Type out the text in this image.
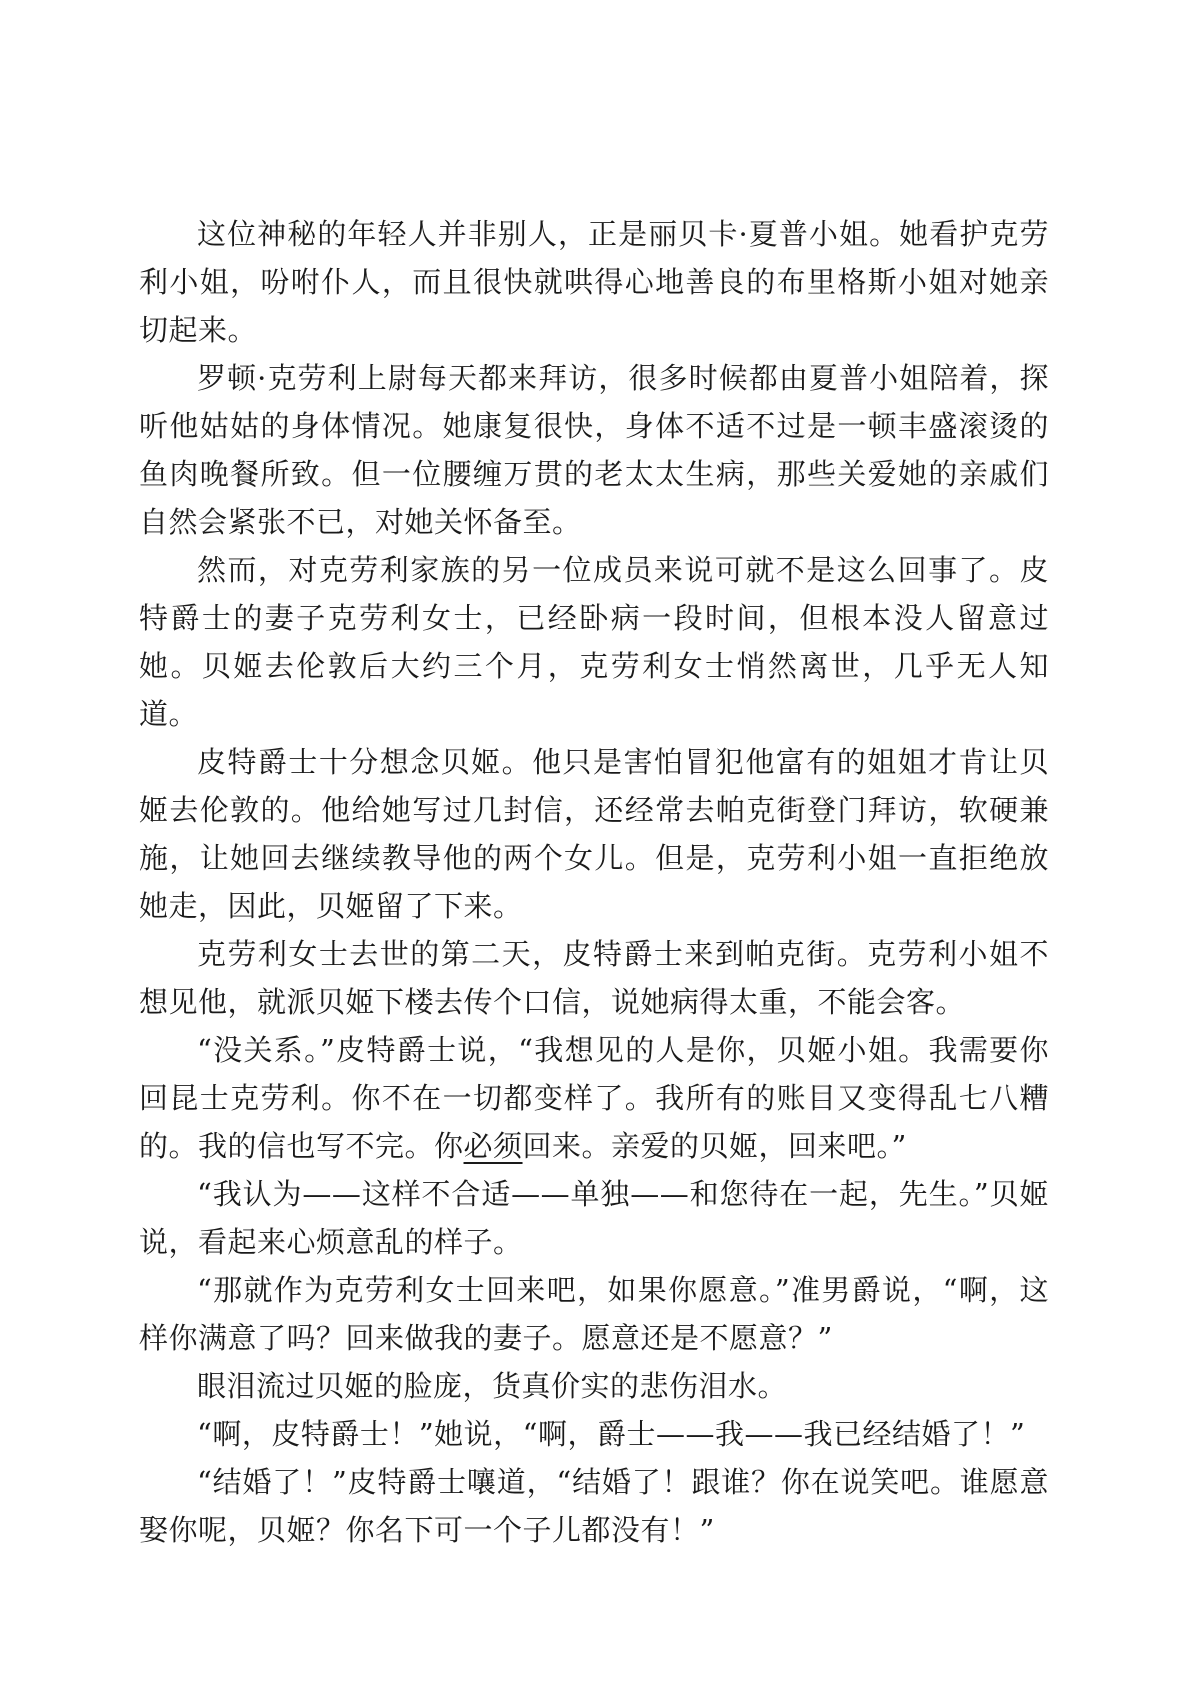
这位神秘的年轻人并非别人，正是丽贝卡·夏普小姐。她看护克劳利小姐，吩咐仆人，而且很快就哄得心地善良的布里格斯小姐对她亲切起来。

罗顿·克劳利上尉每天都来拜访，很多时候都由夏普小姐陪着，探听他姑姑的身体情况。她康复很快，身体不适不过是一顿丰盛滚烫的鱼肉晚餐所致。但一位腰缠万贯的老太太生病，那些关爱她的亲戚们自然会紧张不已，对她关怀备至。

然而，对克劳利家族的另一位成员来说可就不是这么回事了。皮特爵士的妻子克劳利女士，已经卧病一段时间，但根本没人留意过她。贝姬去伦敦后大约三个月，克劳利女士悄然离世，几乎无人知道。

皮特爵士十分想念贝姬。他只是害怕冒犯他富有的姐姐才肯让贝姬去伦敦的。他给她写过几封信，还经常去帕克街登门拜访，软硬兼施，让她回去继续教导他的两个女儿。但是，克劳利小姐一直拒绝放她走，因此，贝姬留了下来。

克劳利女士去世的第二天，皮特爵士来到帕克街。克劳利小姐不想见他，就派贝姬下楼去传个口信，说她病得太重，不能会客。

“没关系。”皮特爵士说，“我想见的人是你，贝姬小姐。我需要你回昆士克劳利。你不在一切都变样了。我所有的账目又变得乱七八糟的。我的信也写不完。你必须回来。亲爱的贝姬，回来吧。”

“我认为——这样不合适——单独——和您待在一起，先生。”贝姬说，看起来心烦意乱的样子。

“那就作为克劳利女士回来吧，如果你愿意。”准男爵说，“啊，这样你满意了吗？回来做我的妻子。愿意还是不愿意？”

眼泪流过贝姬的脸庞，货真价实的悲伤泪水。

“啊，皮特爵士！”她说，“啊，爵士——我——我已经结婚了！”

“结婚了！”皮特爵士嚷道，“结婚了！跟谁？你在说笑吧。谁愿意娶你呢，贝姬？你名下可一个子儿都没有！”
